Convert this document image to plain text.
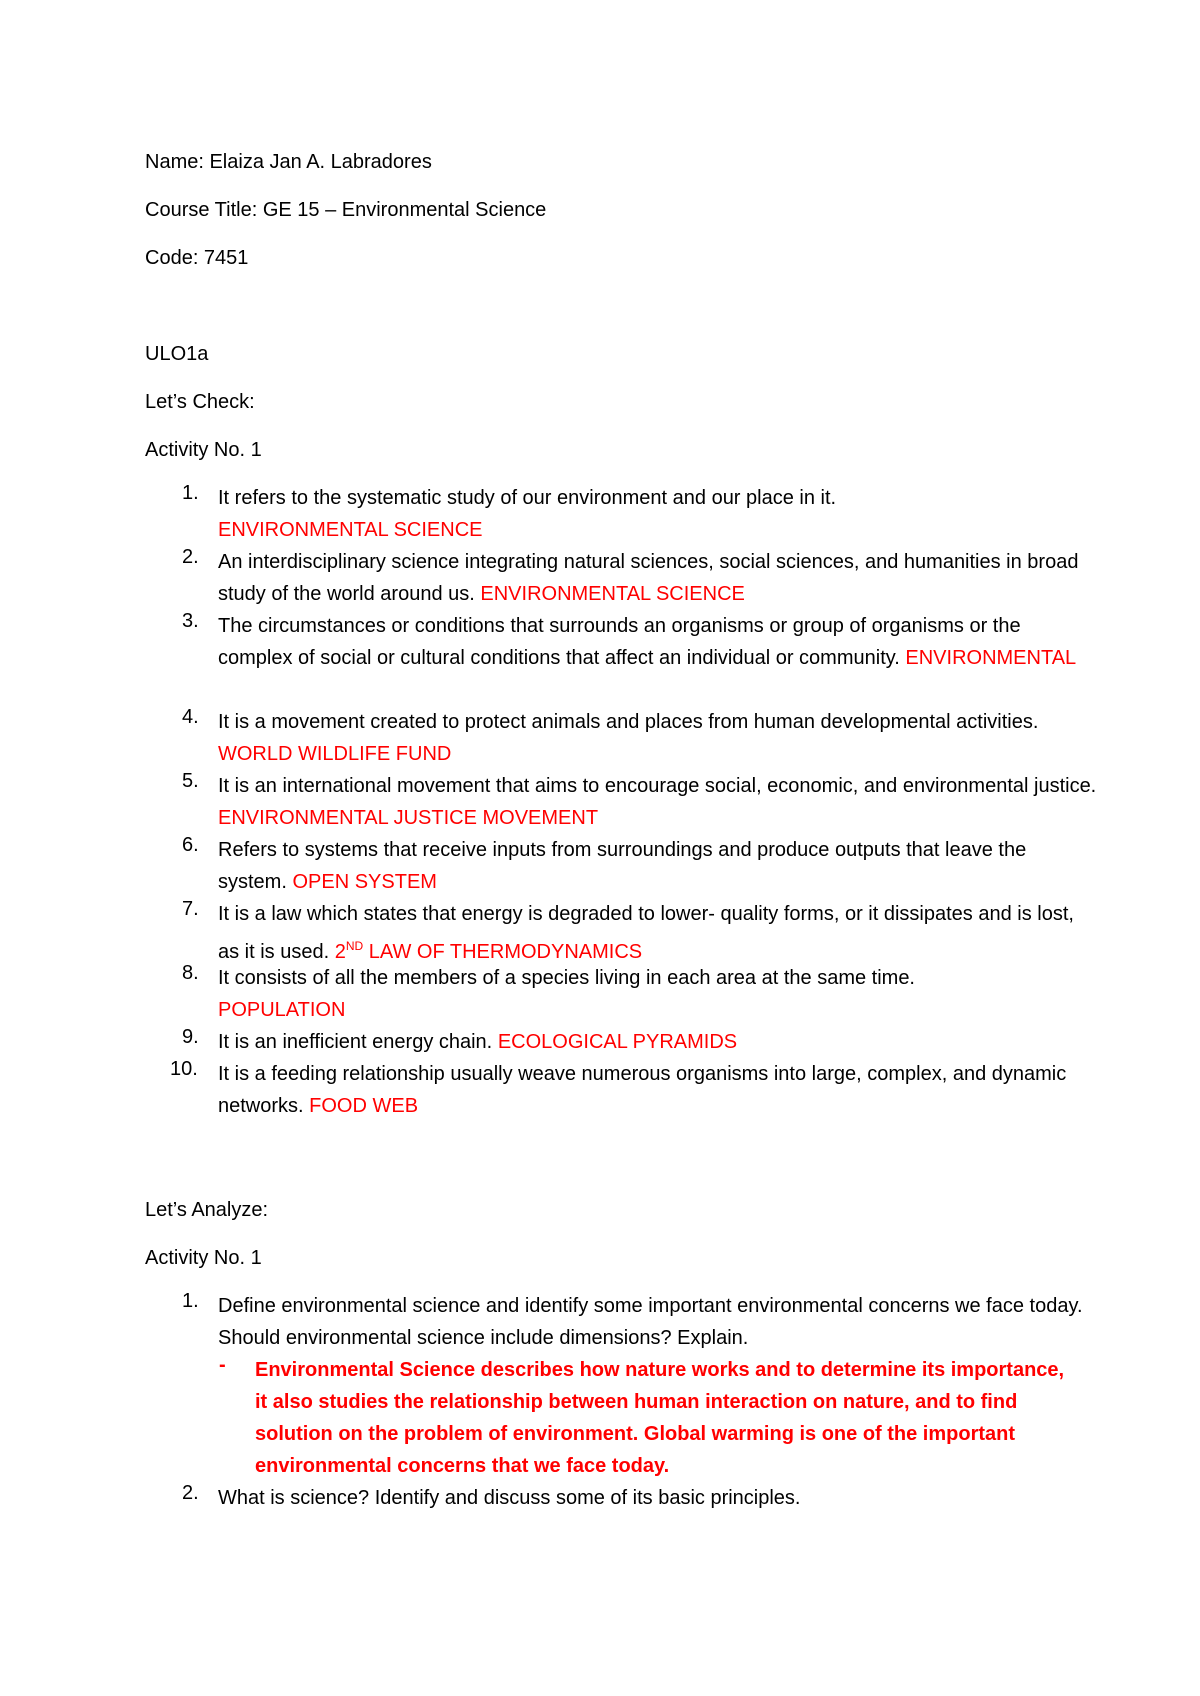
Name: Elaiza Jan A. Labradores
Course Title: GE 15 – Environmental Science
Code: 7451
ULO1a
Let’s Check:
Activity No. 1
1. It refers to the systematic study of our environment and our place in it.
ENVIRONMENTAL SCIENCE
2. An interdisciplinary science integrating natural sciences, social sciences, and humanities in broad study of the world around us. ENVIRONMENTAL SCIENCE
3. The circumstances or conditions that surrounds an organisms or group of organisms or the complex of social or cultural conditions that affect an individual or community. ENVIRONMENTAL
4. It is a movement created to protect animals and places from human developmental activities. WORLD WILDLIFE FUND
5. It is an international movement that aims to encourage social, economic, and environmental justice. ENVIRONMENTAL JUSTICE MOVEMENT
6. Refers to systems that receive inputs from surroundings and produce outputs that leave the system. OPEN SYSTEM
7. It is a law which states that energy is degraded to lower- quality forms, or it dissipates and is lost, as it is used. 2ND LAW OF THERMODYNAMICS
8. It consists of all the members of a species living in each area at the same time.
POPULATION
9. It is an inefficient energy chain. ECOLOGICAL PYRAMIDS
10.	It is a feeding relationship usually weave numerous organisms into large, complex, and dynamic networks. FOOD WEB
Let’s Analyze:
Activity No. 1
1. Define environmental science and identify some important environmental concerns we face today. Should environmental science include dimensions? Explain.
- Environmental Science describes how nature works and to determine its importance, it also studies the relationship between human interaction on nature, and to find solution on the problem of environment. Global warming is one of the important environmental concerns that we face today.
2. What is science? Identify and discuss some of its basic principles.
